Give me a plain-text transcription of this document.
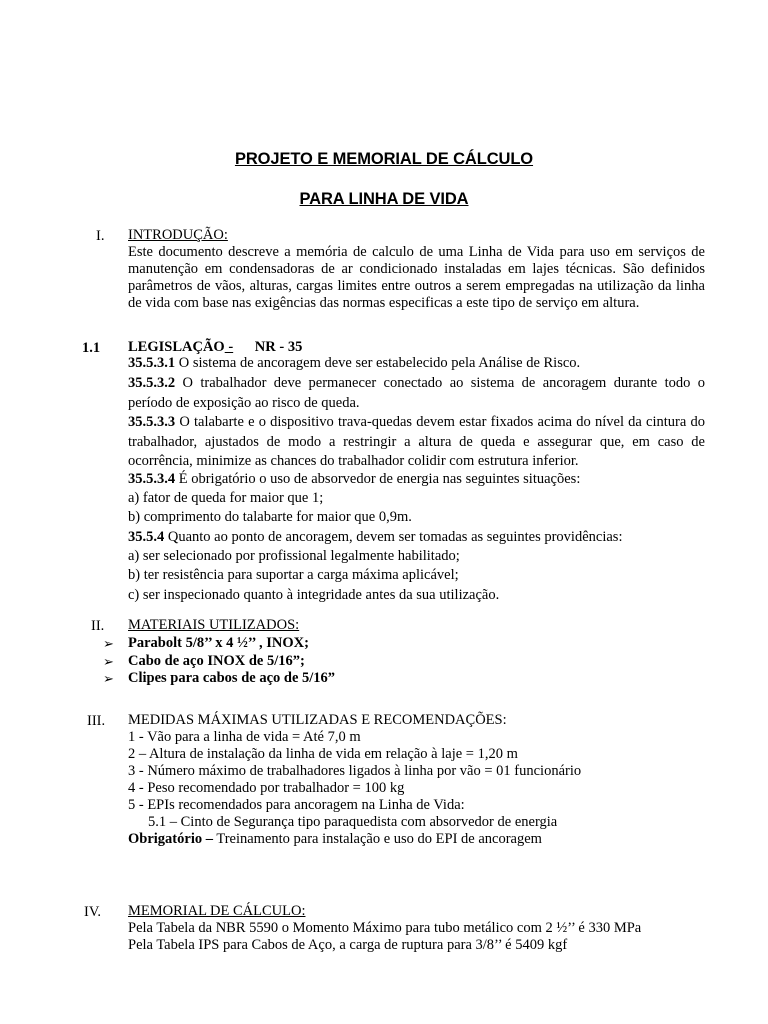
PROJETO E MEMORIAL DE CÁLCULO
PARA LINHA DE VIDA
I. INTRODUÇÃO:
Este documento descreve a memória de calculo de uma Linha de Vida para uso em serviços de manutenção em condensadoras de ar condicionado instaladas em lajes técnicas. São definidos parâmetros de vãos, alturas, cargas limites entre outros a serem empregadas na utilização da linha de vida com base nas exigências das normas especificas a este tipo de serviço em altura.
1.1 LEGISLAÇÃO - NR - 35
35.5.3.1 O sistema de ancoragem deve ser estabelecido pela Análise de Risco.
35.5.3.2 O trabalhador deve permanecer conectado ao sistema de ancoragem durante todo o período de exposição ao risco de queda.
35.5.3.3 O talabarte e o dispositivo trava-quedas devem estar fixados acima do nível da cintura do trabalhador, ajustados de modo a restringir a altura de queda e assegurar que, em caso de ocorrência, minimize as chances do trabalhador colidir com estrutura inferior.
35.5.3.4 É obrigatório o uso de absorvedor de energia nas seguintes situações:
a) fator de queda for maior que 1;
b) comprimento do talabarte for maior que 0,9m.
35.5.4 Quanto ao ponto de ancoragem, devem ser tomadas as seguintes providências:
a) ser selecionado por profissional legalmente habilitado;
b) ter resistência para suportar a carga máxima aplicável;
c) ser inspecionado quanto à integridade antes da sua utilização.
II. MATERIAIS UTILIZADOS:
➢ Parabolt 5/8’’ x 4 ½’’ , INOX;
➢ Cabo de aço INOX de 5/16”;
➢ Clipes para cabos de aço de 5/16”
III. MEDIDAS MÁXIMAS UTILIZADAS E RECOMENDAÇÕES:
1 - Vão para a linha de vida = Até 7,0 m
2 – Altura de instalação da linha de vida em relação à laje = 1,20 m
3 - Número máximo de trabalhadores ligados à linha por vão = 01 funcionário
4 - Peso recomendado por trabalhador = 100 kg
5 - EPIs recomendados para ancoragem na Linha de Vida:
5.1 – Cinto de Segurança tipo paraquedista com absorvedor de energia
Obrigatório – Treinamento para instalação e uso do EPI de ancoragem
IV. MEMORIAL DE CÁLCULO:
Pela Tabela da NBR 5590 o Momento Máximo para tubo metálico com 2 ½’’ é 330 MPa
Pela Tabela IPS para Cabos de Aço, a carga de ruptura para 3/8’’ é 5409 kgf
